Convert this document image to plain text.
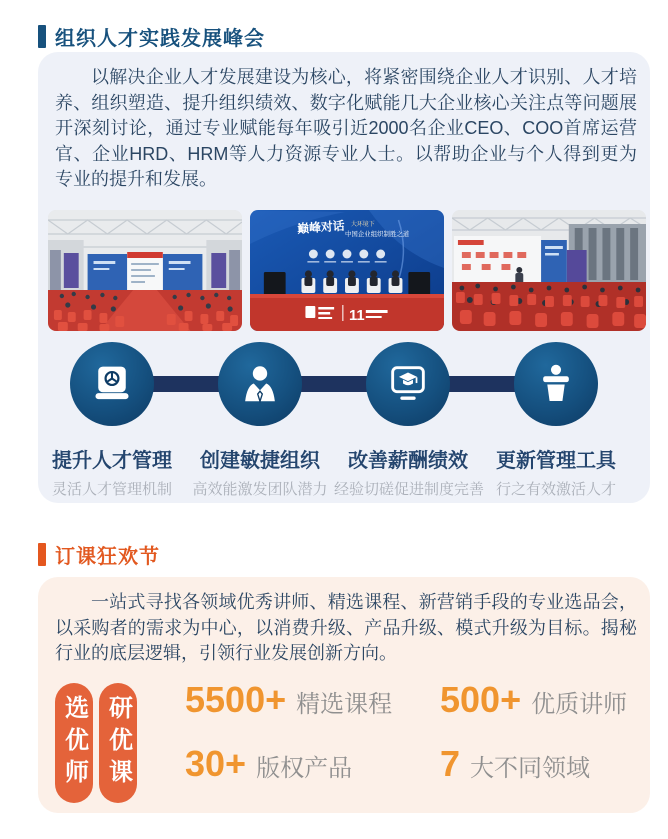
组织人才实践发展峰会

以解决企业人才发展建设为核心，将紧密围绕企业人才识别、人才培养、组织塑造、提升组织绩效、数字化赋能几大企业核心关注点等问题展开深刻讨论，通过专业赋能每年吸引近2000名企业CEO、COO首席运营官、企业HRD、HRM等人力资源专业人士。以帮助企业与个人得到更为专业的提升和发展。

巅峰对话 大环境下
中国企业组织制胜之道
11
提升人才管理
灵活人才管理机制
创建敏捷组织
高效能激发团队潜力
改善薪酬绩效
经验切磋促进制度完善
更新管理工具
行之有效激活人才
订课狂欢节

一站式寻找各领域优秀讲师、精选课程、新营销手段的专业选品会，以采购者的需求为中心，以消费升级、产品升级、模式升级为目标。揭秘行业的底层逻辑，引领行业发展创新方向。

选优师 研优课 5500+ 精选课程 500+ 优质讲师
30+ 版权产品 7 大不同领域
